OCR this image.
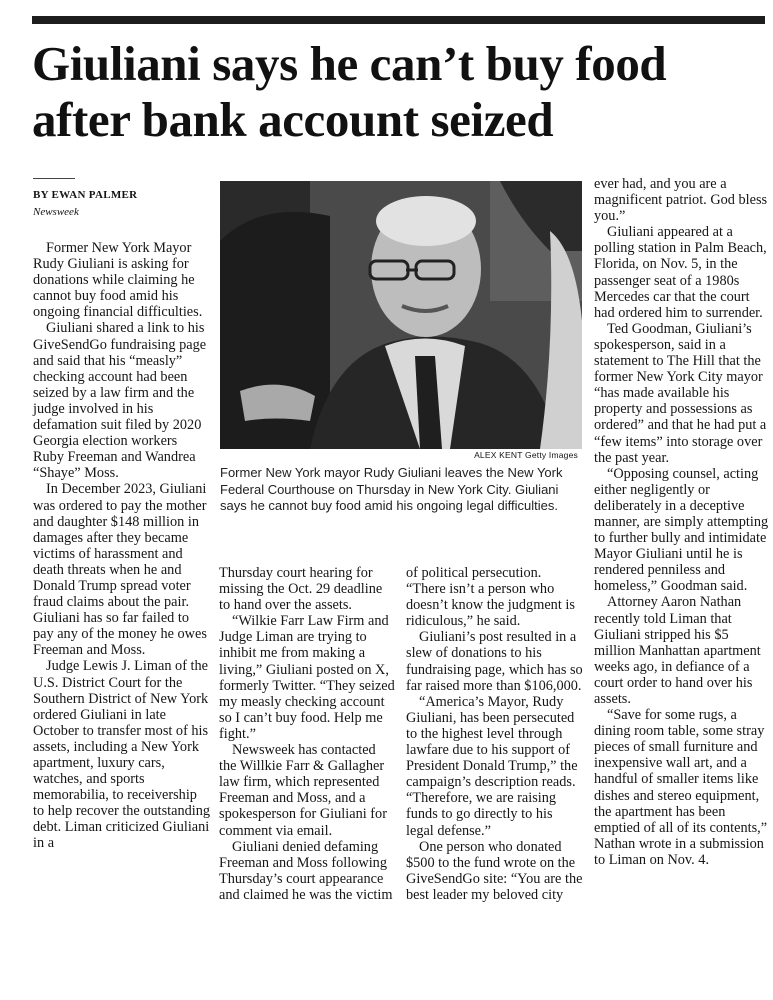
Giuliani says he can’t buy food after bank account seized
BY EWAN PALMER
Newsweek
ALEX KENT Getty Images

Former New York mayor Rudy Giuliani leaves the New York Federal Courthouse on Thursday in New York City. Giuliani says he cannot buy food amid his ongoing legal difficulties.

Former New York Mayor Rudy Giuliani is asking for donations while claiming he cannot buy food amid his ongoing financial difficulties.

Giuliani shared a link to his GiveSendGo fundraising page and said that his “measly” checking account had been seized by a law firm and the judge involved in his defamation suit filed by 2020 Georgia election workers Ruby Freeman and Wandrea “Shaye” Moss.

In December 2023, Giuliani was ordered to pay the mother and daughter $148 million in damages after they became victims of harassment and death threats when he and Donald Trump spread voter fraud claims about the pair. Giuliani has so far failed to pay any of the money he owes Freeman and Moss.

Judge Lewis J. Liman of the U.S. District Court for the Southern District of New York ordered Giuliani in late October to transfer most of his assets, including a New York apartment, luxury cars, watches, and sports memorabilia, to receivership to help recover the outstanding debt. Liman criticized Giuliani in a

Thursday court hearing for missing the Oct. 29 deadline to hand over the assets.

“Wilkie Farr Law Firm and Judge Liman are trying to inhibit me from making a living,” Giuliani posted on X, formerly Twitter. “They seized my measly checking account so I can’t buy food. Help me fight.”

Newsweek has contacted the Willkie Farr & Gallagher law firm, which represented Freeman and Moss, and a spokesperson for Giuliani for comment via email.

Giuliani denied defaming Freeman and Moss following Thursday’s court appearance and claimed he was the victim

of political persecution. “There isn’t a person who doesn’t know the judgment is ridiculous,” he said.

Giuliani’s post resulted in a slew of donations to his fundraising page, which has so far raised more than $106,000.

“America’s Mayor, Rudy Giuliani, has been persecuted to the highest level through lawfare due to his support of President Donald Trump,” the campaign’s description reads. “Therefore, we are raising funds to go directly to his legal defense.”

One person who donated $500 to the fund wrote on the GiveSendGo site: “You are the best leader my beloved city

ever had, and you are a magnificent patriot. God bless you.”

Giuliani appeared at a polling station in Palm Beach, Florida, on Nov. 5, in the passenger seat of a 1980s Mercedes car that the court had ordered him to surrender.

Ted Goodman, Giuliani’s spokesperson, said in a statement to The Hill that the former New York City mayor “has made available his property and possessions as ordered” and that he had put a “few items” into storage over the past year.

“Opposing counsel, acting either negligently or deliberately in a deceptive manner, are simply attempting to further bully and intimidate Mayor Giuliani until he is rendered penniless and homeless,” Goodman said.

Attorney Aaron Nathan recently told Liman that Giuliani stripped his $5 million Manhattan apartment weeks ago, in defiance of a court order to hand over his assets.

“Save for some rugs, a dining room table, some stray pieces of small furniture and inexpensive wall art, and a handful of smaller items like dishes and stereo equipment, the apartment has been emptied of all of its contents,” Nathan wrote in a submission to Liman on Nov. 4.
